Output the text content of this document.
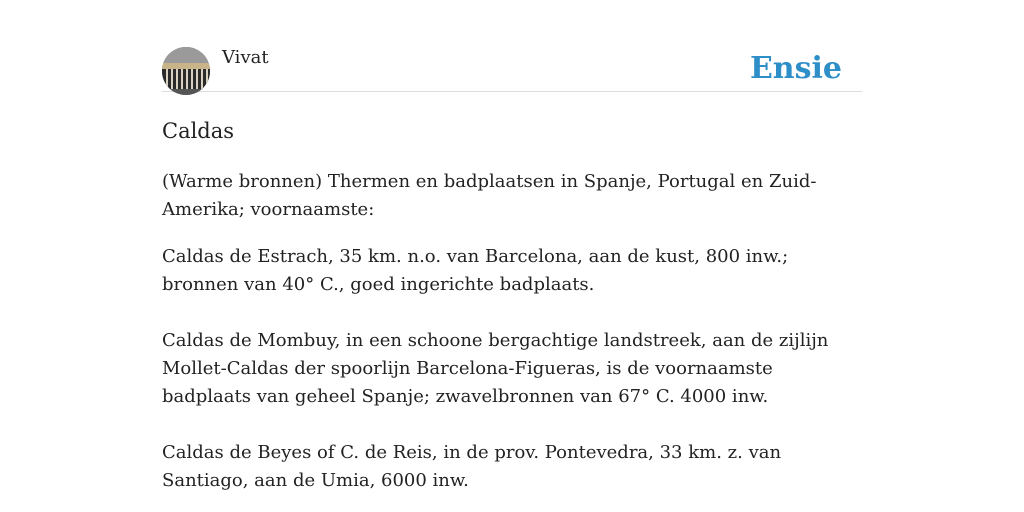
Vivat	Ensie
Caldas

(Warme bronnen) Thermen en badplaatsen in Spanje, Portugal en Zuid-Amerika; voornaamste:

Caldas de Estrach, 35 km. n.o. van Barcelona, aan de kust, 800 inw.; bronnen van 40° C., goed ingerichte badplaats.

Caldas de Mombuy, in een schoone bergachtige landstreek, aan de zijlijn Mollet-Caldas der spoorlijn Barcelona-Figueras, is de voornaamste badplaats van geheel Spanje; zwavelbronnen van 67° C. 4000 inw.

Caldas de Beyes of C. de Reis, in de prov. Pontevedra, 33 km. z. van Santiago, aan de Umia, 6000 inw.
